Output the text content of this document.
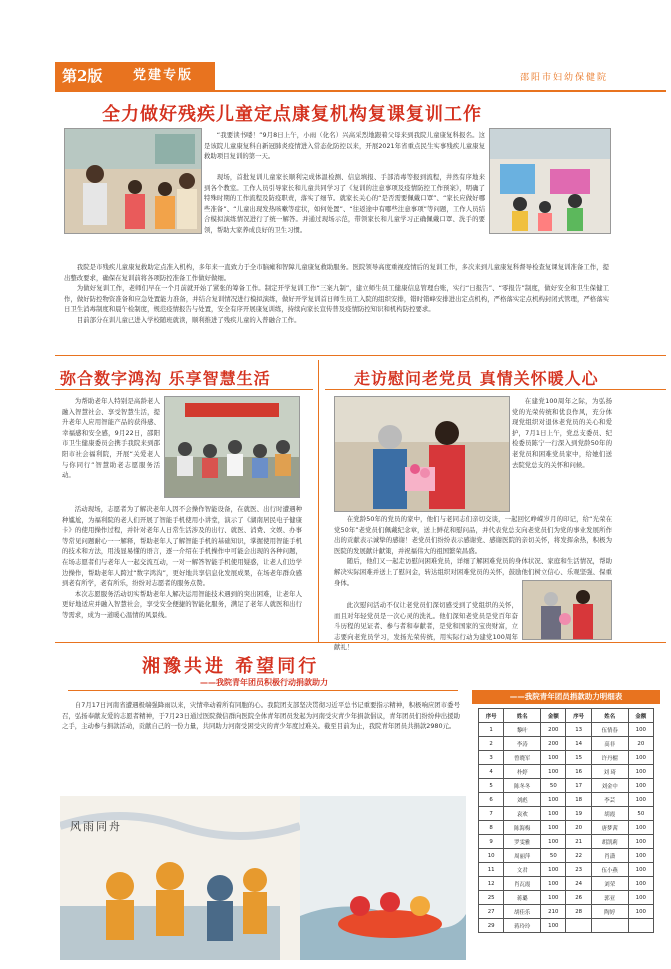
第2版 党建专版	邵阳市妇幼保健院
全力做好残疾儿童定点康复机构复课复训工作

“我要读书喽！”9月8日上午，小雨（化名）兴高采烈地跟着父母来到我院儿童康复科报名。这是该院儿童康复科自新冠肺炎疫情进入常态化防控以来，开展2021年省重点民生实事残疾儿童康复救助项目复训的第一天。

现场，首批复训儿童家长顺利完成体温检测、信息填报、手部消毒等报到流程，井然有序地来到各个教室。工作人员引导家长和儿童共同学习了《复训的注意事项及疫情防控工作预案》，明确了特殊时期的工作流程及防疫职责，落实了细节。就家长关心的“是否需要佩戴口罩”、“家长应做好哪些准备”、“儿童出现发热咳嗽等症状，如何处置”、“往返途中有哪些注意事项”等问题，工作人员结合模拟演练情况进行了统一解答。并通过现场示范，带领家长和儿童学习正确佩戴口罩、洗手的要领，帮助大家养成良好的卫生习惯。

我院是市残疾儿童康复救助定点准入机构，多年来一直致力于全市脑瘫和智障儿童康复救助服务。医院领导高度重视疫情后的复训工作，多次来到儿童康复科督导检查复课复训准备工作，提出整改要求，确保在复训前将各项防控准备工作做好做细。

为做好复训工作，老师们早在一个月前就开始了紧张的筹备工作。制定开学复训工作“三案九制”，建立师生员工健康信息管理台账，实行“日报告”、“零报告”制度，做好安全和卫生保健工作，做好防控物资准备和应急处置能力准备，并结合复训情况进行模拟演练，做好开学复训首日师生员工入院的组织安排，错时错峰安排进出定点机构，严格落实定点机构封闭式管理，严格落实日卫生消毒制度和晨午检制度，规范疫情报告与处置，安全有序开展康复训练，持续向家长宣传普及疫情防控知识和机构防控要求。

目前部分在训儿童已进入学校随班就读，顺利推进了残疾儿童的入普融合工作。

弥合数字鸿沟 乐享智慧生活

为帮助老年人特别是高龄老人融入智慧社会、享受智慧生活，提升老年人应用智能产品的获得感、幸福感和安全感，9月22日，邵阳市卫生健康委员会携手我院来到邵阳市社会福利院，开展“关爱老人 与你同行”智慧助老志愿服务活动。

活动现场，志愿者为了解决老年人因不会操作智能设备，在就医、出行时遭遇种种尴尬，为福利院的老人们开展了智能手机使用小讲堂，演示了《湖南居民电子健康卡》的使用操作过程，并针对老年人日常生活涉及的出行、就医、消费、文娱、办事等常见问题耐心一一解释，帮助老年人了解智能手机的基础知识，掌握使用智能手机的技术和方法，用浅显易懂的语言，逐一介绍在手机操作中可能会出现的各种问题，在场志愿者们与老年人一起交流互动，一对一解答智能手机使用疑惑，让老人们边学边操作，帮助老年人跨过“数字鸿沟”，更好地共享信息化发展成果，在场老年群众感到老有所学，老有所乐，纷纷对志愿者的服务点赞。

本次志愿服务活动切实帮助老年人解决运用智能技术遇到的突出困难，让老年人更好地适应并融入智慧社会，享受安全便捷的智能化服务，满足了老年人就医和出行等需求，成为一道暖心温情的风景线。

走访慰问老党员 真情关怀暖人心

在建党100周年之际，为弘扬党的光荣传统和优良作风，充分体现党组织对退休老党员的关心和爱护，7月1日上午，党总支委员、纪检委员陈宁一行深入到党龄50年的老党员和困难党员家中，给她们送去院党总支的关怀和问候。

在党龄50年的党员的家中，他们与老同志们亲切交谈，一起回忆峥嵘岁月的印记，给“光荣在党50年”老党员们佩戴纪念章，送上鲜花和慰问品，并代表党总支向老党员们为党的事业发展所作出的贡献表示诚挚的感谢！老党员们纷纷表示感谢党、感谢医院的亲切关怀，将发挥余热，积极为医院的发展献计献策，并祝福伟大的祖国繁荣昌盛。

随后，他们又一起走访慰问困难党员，详细了解困难党员的身体状况、家庭和生活情况，帮助解决实际困难并送上了慰问金，转达组织对困难党员的关怀，鼓励他们树立信心、乐观坚强、保重身体。

此次慰问活动不仅让老党员们深切感受到了党组织的关怀，而且对年轻党员是一次心灵的洗礼。他们深知老党员是党百年奋斗历程的见证者、参与者和奉献者，是党和国家的宝贵财富，立志要向老党员学习，发扬光荣传统，用实际行动为建党100周年献礼！

湘豫共进 希望同行
——我院青年团员积极行动捐款助力

自7月17日河南省遭遇极端强降雨以来，灾情牵动着所有同胞的心。我院团支部坚决贯彻习近平总书记重要指示精神，积极响应团市委号召，弘扬奉献友爱的志愿者精神，于7月23日通过医院微信群向医院全体青年团员发起为河南受灾青少年捐款倡议，青年团员们纷纷伸出援助之手，主动参与捐款活动，贡献自己的一份力量，共同助力河南受困受灾的青少年度过难关。截至目前为止，我院青年团员共捐款2980元。

风雨同舟
——我院青年团员捐款助力明细表
序号	姓名	金额	序号	姓名	金额
1	黎叶	200	13	伍情春	100
2	李涛	200	14	高非	20
3	曾晓军	100	15	许丹榴	100
4	朴婷	100	16	刘 琦	100
5	陈冬冬	50	17	刘金中	100
6	刘彪	100	18	李芸	100
7	袁欢	100	19	胡霞	50
8	陈海梅	100	20	唐梦茜	100
9	罗雯雅	100	21	胡凯莉	100
10	周丽萍	50	22	肖潇	100
11	文君	100	23	伍小燕	100
12	肖瓦霞	100	24	刘荣	100
25	蒋璐	100	26	郭亚	100
27	胡佳乐	210	28	陶婷	100
29	蒋玲玲	100			
